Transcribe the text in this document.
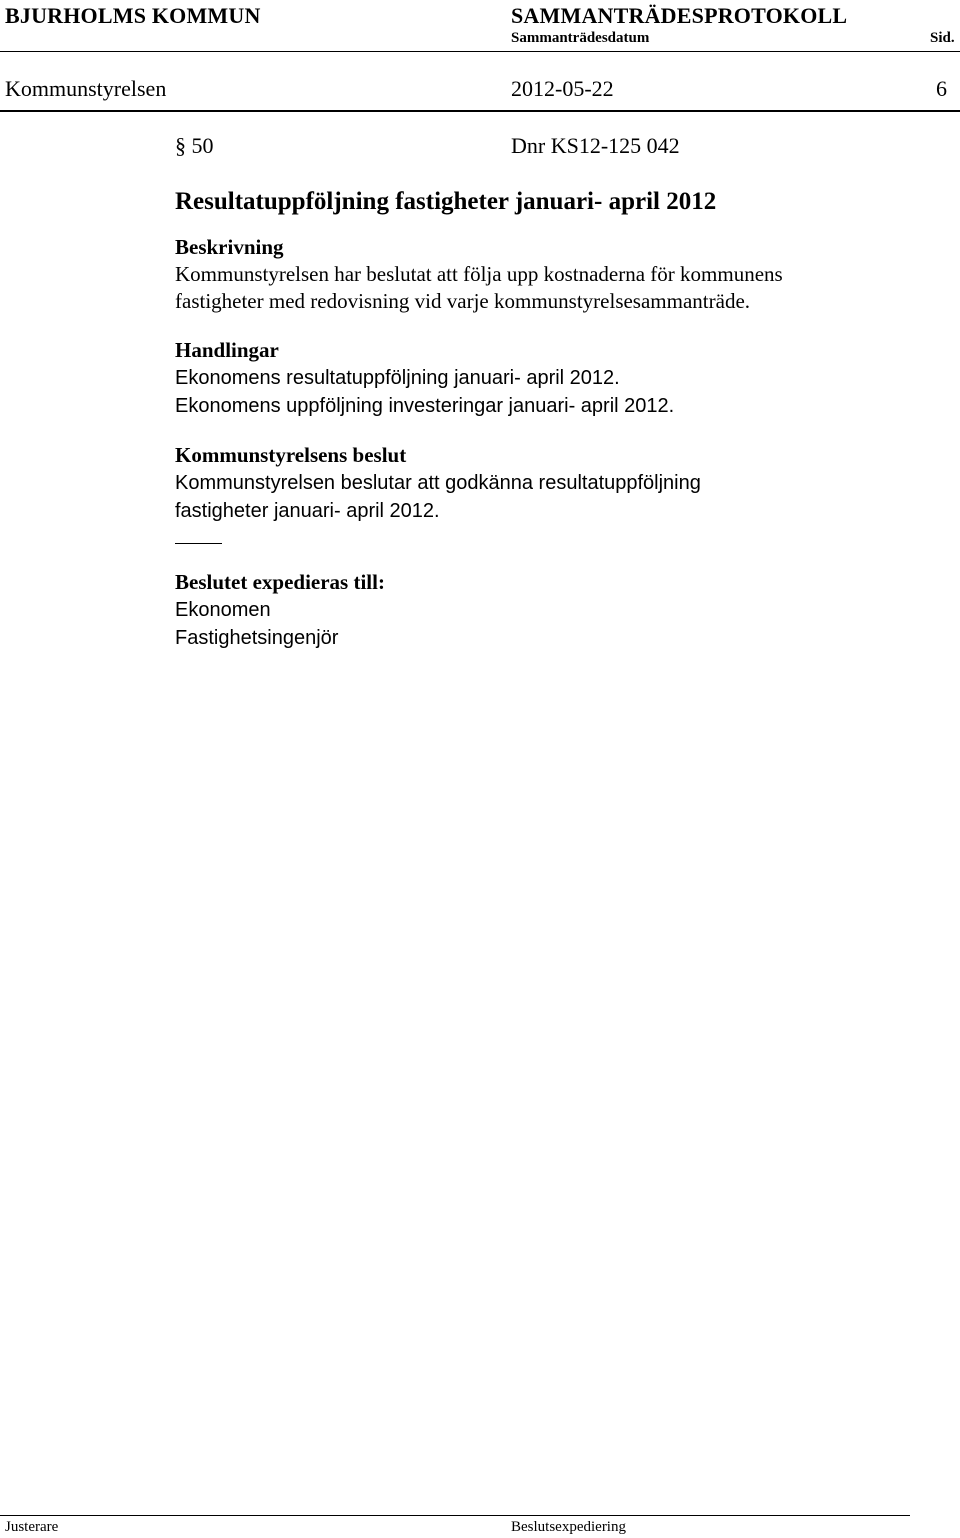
BJURHOLMS KOMMUN	SAMMANTRÄDESPROTOKOLL
Sammanträdesdatum	Sid.
Kommunstyrelsen	2012-05-22	6
§ 50	Dnr KS12-125 042
Resultatuppföljning fastigheter januari- april 2012
Beskrivning
Kommunstyrelsen har beslutat att följa upp kostnaderna för kommunens
fastigheter med redovisning vid varje kommunstyrelsesammanträde.
Handlingar
Ekonomens resultatuppföljning januari- april 2012.
Ekonomens uppföljning investeringar januari- april 2012.
Kommunstyrelsens beslut
Kommunstyrelsen beslutar att godkänna resultatuppföljning
fastigheter januari- april 2012.
Beslutet expedieras till:
Ekonomen
Fastighetsingenjör
Justerare	Beslutsexpediering
